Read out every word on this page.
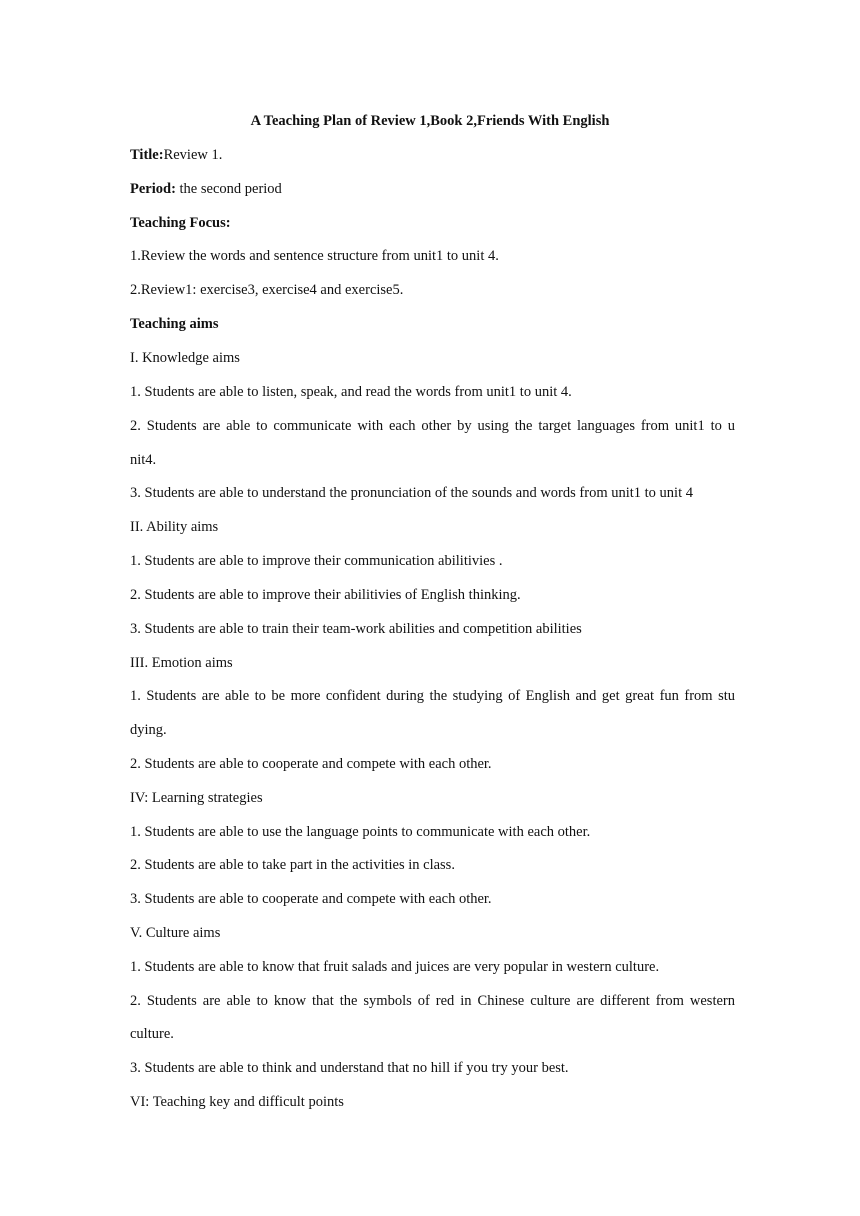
A Teaching Plan of Review 1,Book 2,Friends With English
Title:Review 1.
Period: the second period
Teaching Focus:
1.Review the words and sentence structure from unit1 to unit 4.
2.Review1: exercise3, exercise4 and exercise5.
Teaching aims
I. Knowledge aims
1. Students are able to listen, speak, and read the words from unit1 to unit 4.
2. Students are able to communicate with each other by using the target languages from unit1 to u
nit4.
3. Students are able to understand the pronunciation of the sounds and words from unit1 to unit 4
II. Ability aims
1. Students are able to improve their communication abilitivies .
2. Students are able to improve their abilitivies of English thinking.
3. Students are able to train their team-work abilities and competition abilities
III. Emotion aims
1. Students are able to be more confident during the studying of English and get great fun from stu
dying.
2. Students are able to cooperate and compete with each other.
IV: Learning strategies
1. Students are able to use the language points to communicate with each other.
2. Students are able to take part in the activities in class.
3. Students are able to cooperate and compete with each other.
V. Culture aims
1. Students are able to know that fruit salads and juices are very popular in western culture.
2. Students are able to know that the symbols of red in Chinese culture are different from western
culture.
3. Students are able to think and understand that no hill if you try your best.
VI: Teaching key and difficult points
